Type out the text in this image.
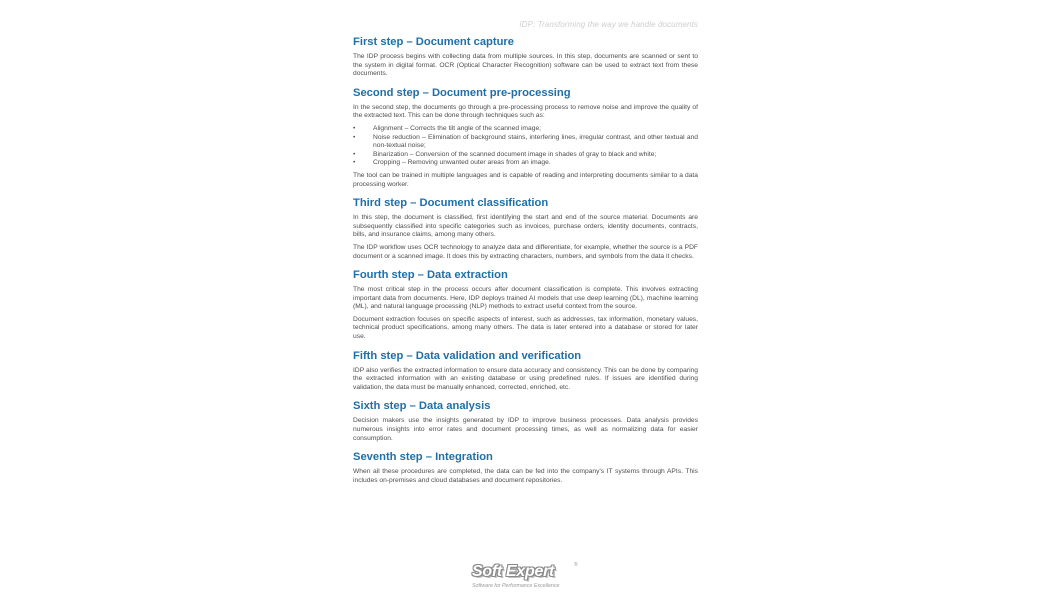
IDP: Transforming the way we handle documents
First step – Document capture

The IDP process begins with collecting data from multiple sources. In this step, documents are scanned or sent to the system in digital format. OCR (Optical Character Recognition) software can be used to extract text from these documents.

Second step – Document pre-processing

In the second step, the documents go through a pre-processing process to remove noise and improve the quality of the extracted text. This can be done through techniques such as:

•	Alignment – Corrects the tilt angle of the scanned image;
•	Noise reduction – Elimination of background stains, interfering lines, irregular contrast, and other textual and non-textual noise;
•	Binarization – Conversion of the scanned document image in shades of gray to black and white;
•	Cropping – Removing unwanted outer areas from an image.

The tool can be trained in multiple languages and is capable of reading and interpreting documents similar to a data processing worker.

Third step – Document classification

In this step, the document is classified, first identifying the start and end of the source material. Documents are subsequently classified into specific categories such as invoices, purchase orders, identity documents, contracts, bills, and insurance claims, among many others.

The IDP workflow uses OCR technology to analyze data and differentiate, for example, whether the source is a PDF document or a scanned image. It does this by extracting characters, numbers, and symbols from the data it checks.

Fourth step – Data extraction

The most critical step in the process occurs after document classification is complete. This involves extracting important data from documents. Here, IDP deploys trained AI models that use deep learning (DL), machine learning (ML), and natural language processing (NLP) methods to extract useful context from the source.

Document extraction focuses on specific aspects of interest, such as addresses, tax information, monetary values, technical product specifications, among many others. The data is later entered into a database or stored for later use.

Fifth step – Data validation and verification

IDP also verifies the extracted information to ensure data accuracy and consistency. This can be done by comparing the extracted information with an existing database or using predefined rules. If issues are identified during validation, the data must be manually enhanced, corrected, enriched, etc.

Sixth step – Data analysis

Decision makers use the insights generated by IDP to improve business processes. Data analysis provides numerous insights into error rates and document processing times, as well as normalizing data for easier consumption.

Seventh step – Integration

When all these procedures are completed, the data can be fed into the company's IT systems through APIs. This includes on-premises and cloud databases and document repositories.

Soft Expert	®
Software for Performance Excellence
